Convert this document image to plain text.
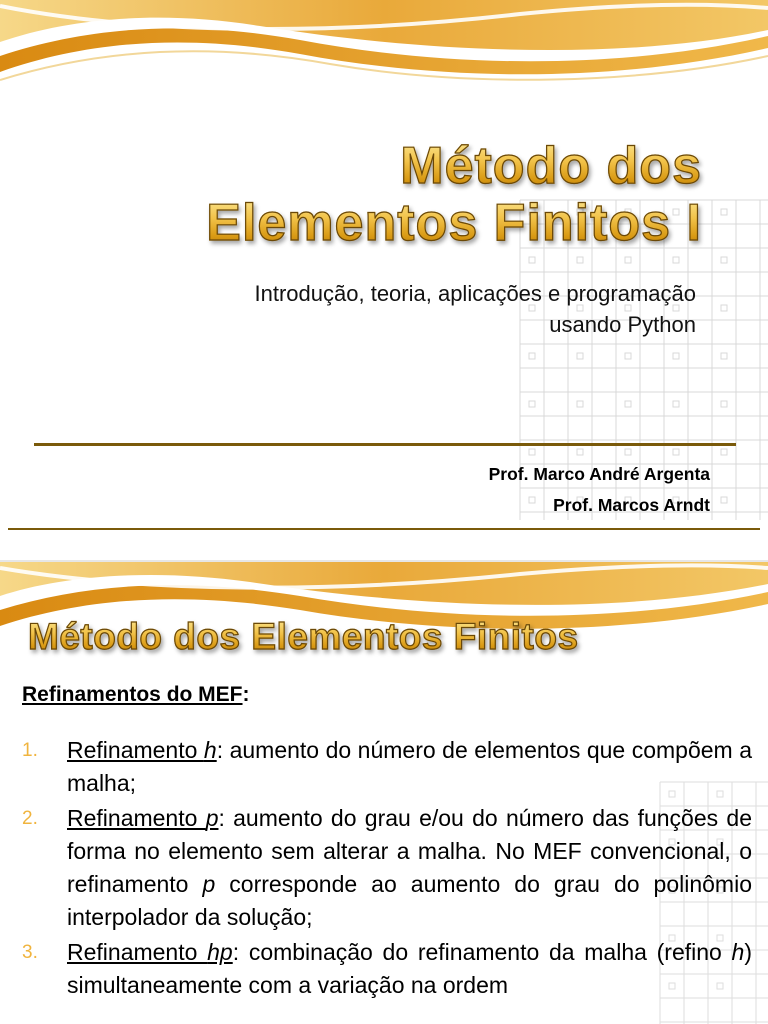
Método dos
Elementos Finitos I
Introdução, teoria, aplicações e programação
usando Python
Prof. Marco André Argenta
Prof. Marcos Arndt
Método dos Elementos Finitos
Refinamentos do MEF:
1. Refinamento h: aumento do número de elementos que compõem a malha;
2. Refinamento p: aumento do grau e/ou do número das funções de forma no elemento sem alterar a malha. No MEF convencional, o refinamento p corresponde ao aumento do grau do polinômio interpolador da solução;
3. Refinamento hp: combinação do refinamento da malha (refino h) simultaneamente com a variação na ordem
